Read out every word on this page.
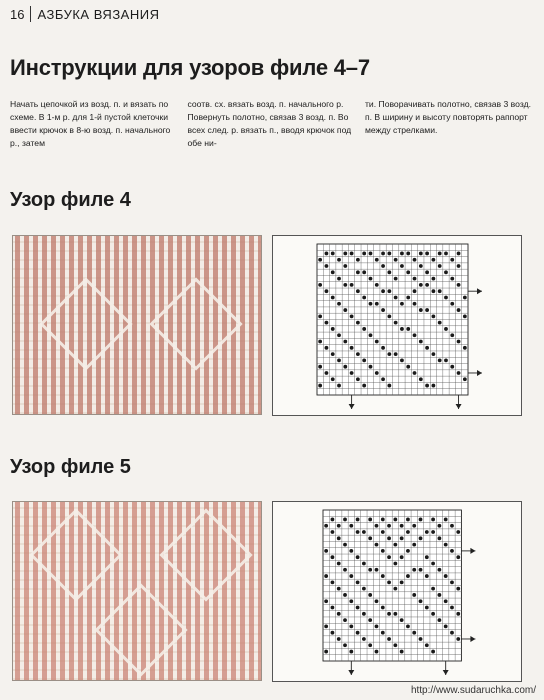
16 АЗБУКА ВЯЗАНИЯ
Инструкции для узоров филе 4–7

Начать цепочкой из возд. п. и вязать по схеме. В 1-м р. для 1-й пустой клеточки ввести крючок в 8-ю возд. п. начального р., затем

соотв. сх. вязать возд. п. начального р. Повернуть полотно, связав 3 возд. п. Во всех след. р. вязать п., вводя крючок под обе ни-

ти. Поворачивать полотно, связав 3 возд. п. В ширину и высоту повторять раппорт между стрелками.

Узор филе 4
Узор филе 5
http://www.sudaruchka.com/
